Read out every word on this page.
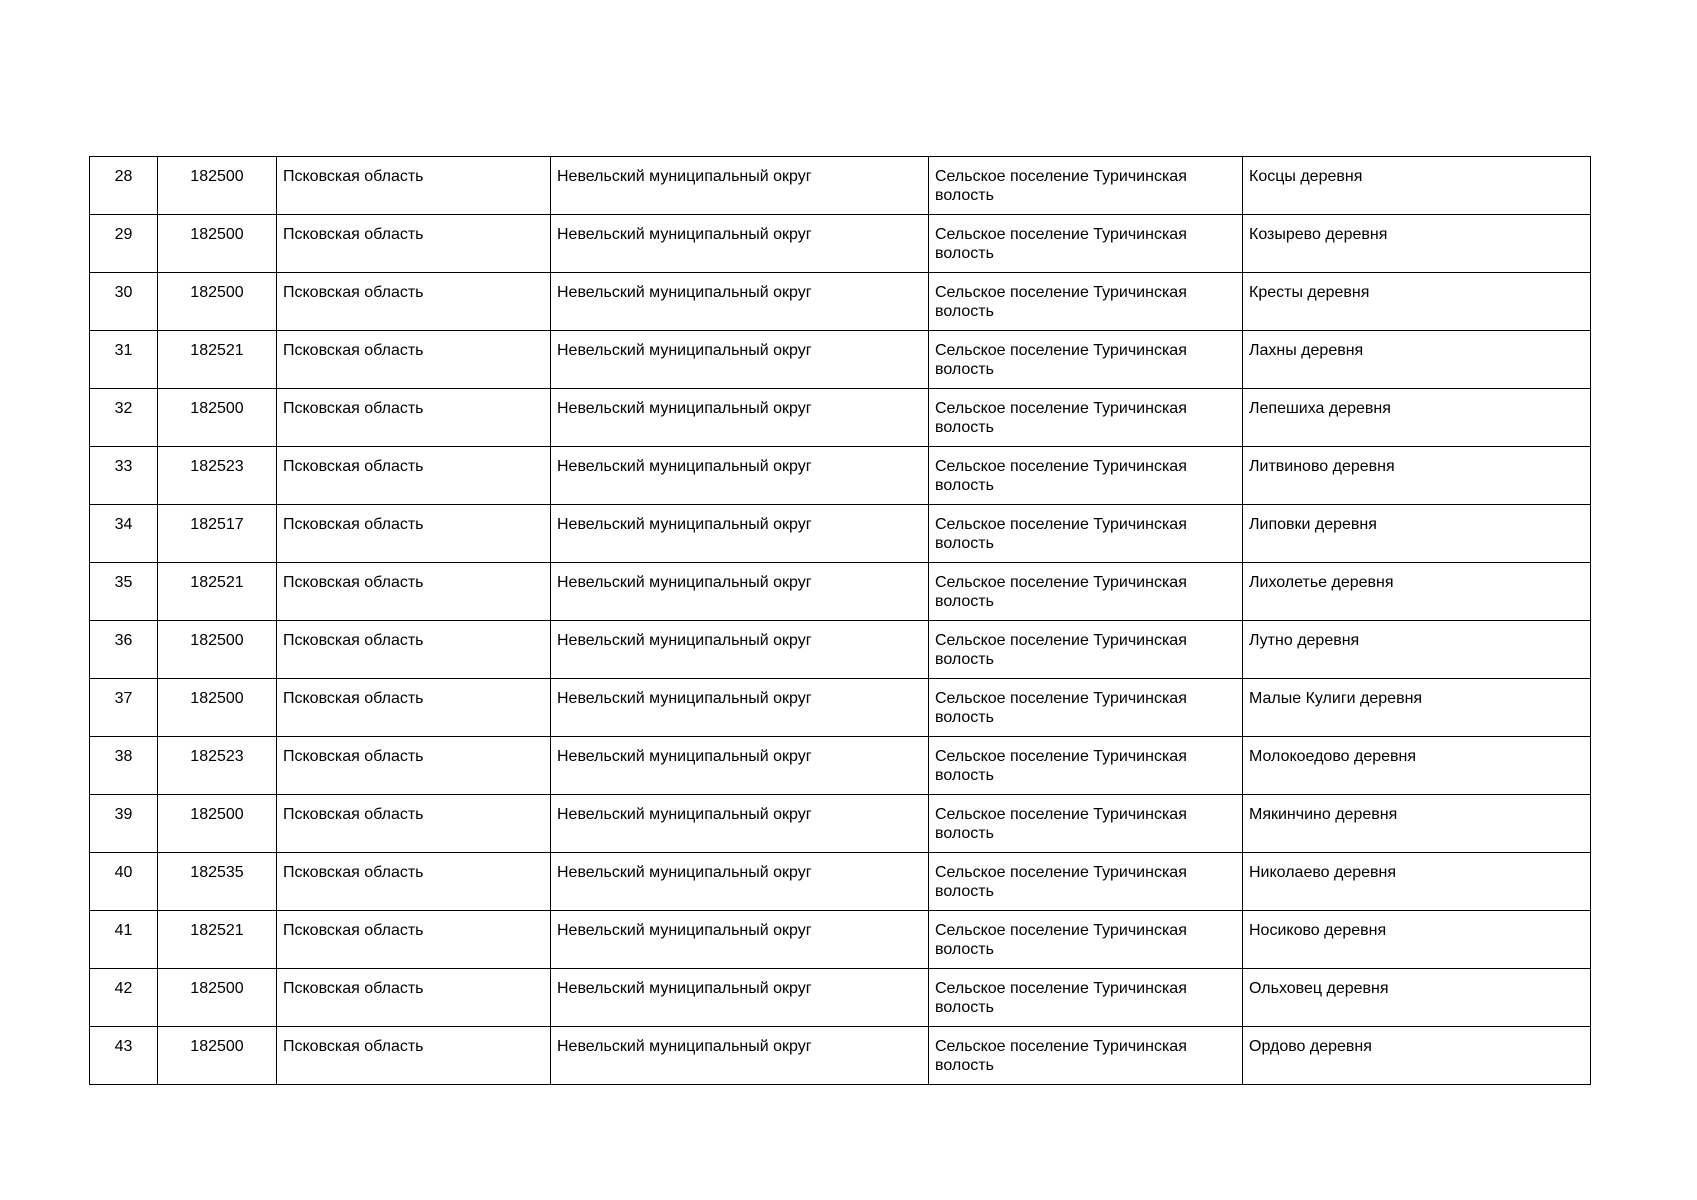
28	182500	Псковская область	Невельский муниципальный округ	Сельское поселение Туричинская волость	Косцы деревня
29	182500	Псковская область	Невельский муниципальный округ	Сельское поселение Туричинская волость	Козырево деревня
30	182500	Псковская область	Невельский муниципальный округ	Сельское поселение Туричинская волость	Кресты деревня
31	182521	Псковская область	Невельский муниципальный округ	Сельское поселение Туричинская волость	Лахны деревня
32	182500	Псковская область	Невельский муниципальный округ	Сельское поселение Туричинская волость	Лепешиха деревня
33	182523	Псковская область	Невельский муниципальный округ	Сельское поселение Туричинская волость	Литвиново деревня
34	182517	Псковская область	Невельский муниципальный округ	Сельское поселение Туричинская волость	Липовки деревня
35	182521	Псковская область	Невельский муниципальный округ	Сельское поселение Туричинская волость	Лихолетье деревня
36	182500	Псковская область	Невельский муниципальный округ	Сельское поселение Туричинская волость	Лутно деревня
37	182500	Псковская область	Невельский муниципальный округ	Сельское поселение Туричинская волость	Малые Кулиги деревня
38	182523	Псковская область	Невельский муниципальный округ	Сельское поселение Туричинская волость	Молокоедово деревня
39	182500	Псковская область	Невельский муниципальный округ	Сельское поселение Туричинская волость	Мякинчино деревня
40	182535	Псковская область	Невельский муниципальный округ	Сельское поселение Туричинская волость	Николаево деревня
41	182521	Псковская область	Невельский муниципальный округ	Сельское поселение Туричинская волость	Носиково деревня
42	182500	Псковская область	Невельский муниципальный округ	Сельское поселение Туричинская волость	Ольховец деревня
43	182500	Псковская область	Невельский муниципальный округ	Сельское поселение Туричинская волость	Ордово деревня
